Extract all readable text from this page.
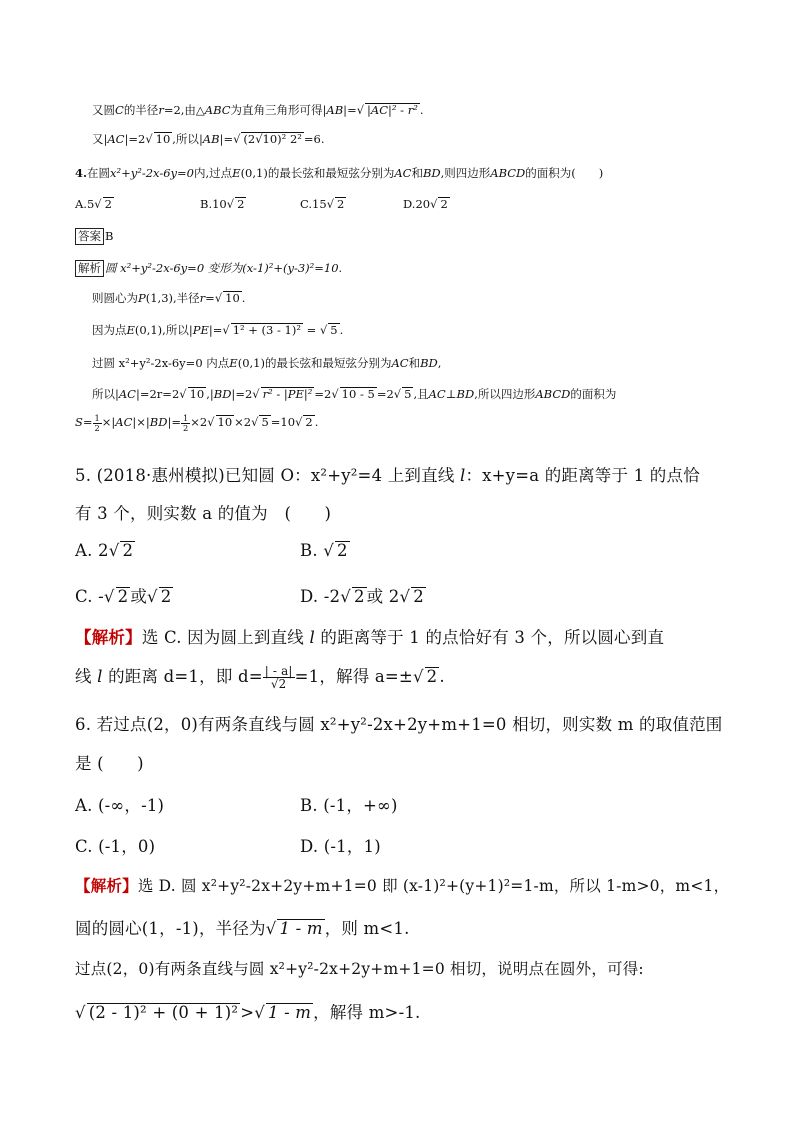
又圆C的半径r=2,由△ABC为直角三角形可得|AB|=√ |AC|² - r² .
又|AC|=2√ 10 ,所以|AB|=√ (2√10)² 2² =6.
4.在圆x²+y²-2x-6y=0内,过点E(0,1)的最长弦和最短弦分别为AC和BD,则四边形ABCD的面积为(　　)
A.5√ 2	B.10√ 2	C.15√ 2	D.20√ 2
答案 B
解析 圆 x²+y²-2x-6y=0 变形为(x-1)²+(y-3)²=10.
则圆心为P(1,3),半径r=√ 10 .
因为点E(0,1),所以|PE|=√ 1² + (3 - 1)² = √ 5 .
过圆 x²+y²-2x-6y=0 内点E(0,1)的最长弦和最短弦分别为AC和BD,
所以|AC|=2r=2√ 10 ,|BD|=2√ r² - |PE|² =2√ 10 - 5 =2√ 5 ,且AC⊥BD,所以四边形ABCD的面积为
$S= \frac{1}{2} \times|AC|\times|BD|= \frac{1}{2} \times 2√$ 10 ×2√ 5 =10√ 2 .
5. (2018·惠州模拟)已知圆 O：x²+y²=4 上到直线 l：x+y=a 的距离等于 1 的点恰
有 3 个，则实数 a 的值为　(　　)
A. 2√ 2	B. √ 2
C. -√ 2 或√ 2	D. -2√ 2 或 2√ 2
【解析】选 C. 因为圆上到直线 l 的距离等于 1 的点恰好有 3 个，所以圆心到直
线 l 的距离 d=1，即 $d= \frac{| - a|}{√2} =1$，解得 a=±√ 2 .
6. 若过点(2，0)有两条直线与圆 x²+y²-2x+2y+m+1=0 相切，则实数 m 的取值范围
是 (　　)
A. (-∞，-1)	B. (-1，+∞)
C. (-1，0)	D. (-1，1)
【解析】选 D. 圆 x²+y²-2x+2y+m+1=0 即 (x-1)²+(y+1)²=1-m，所以 1-m>0，m<1，
圆的圆心(1，-1)，半径为√ 1 - m ，则 m<1.
过点(2，0)有两条直线与圆 x²+y²-2x+2y+m+1=0 相切，说明点在圆外，可得:
√ (2 - 1)² + (0 + 1)² >√ 1 - m ，解得 m>-1.
